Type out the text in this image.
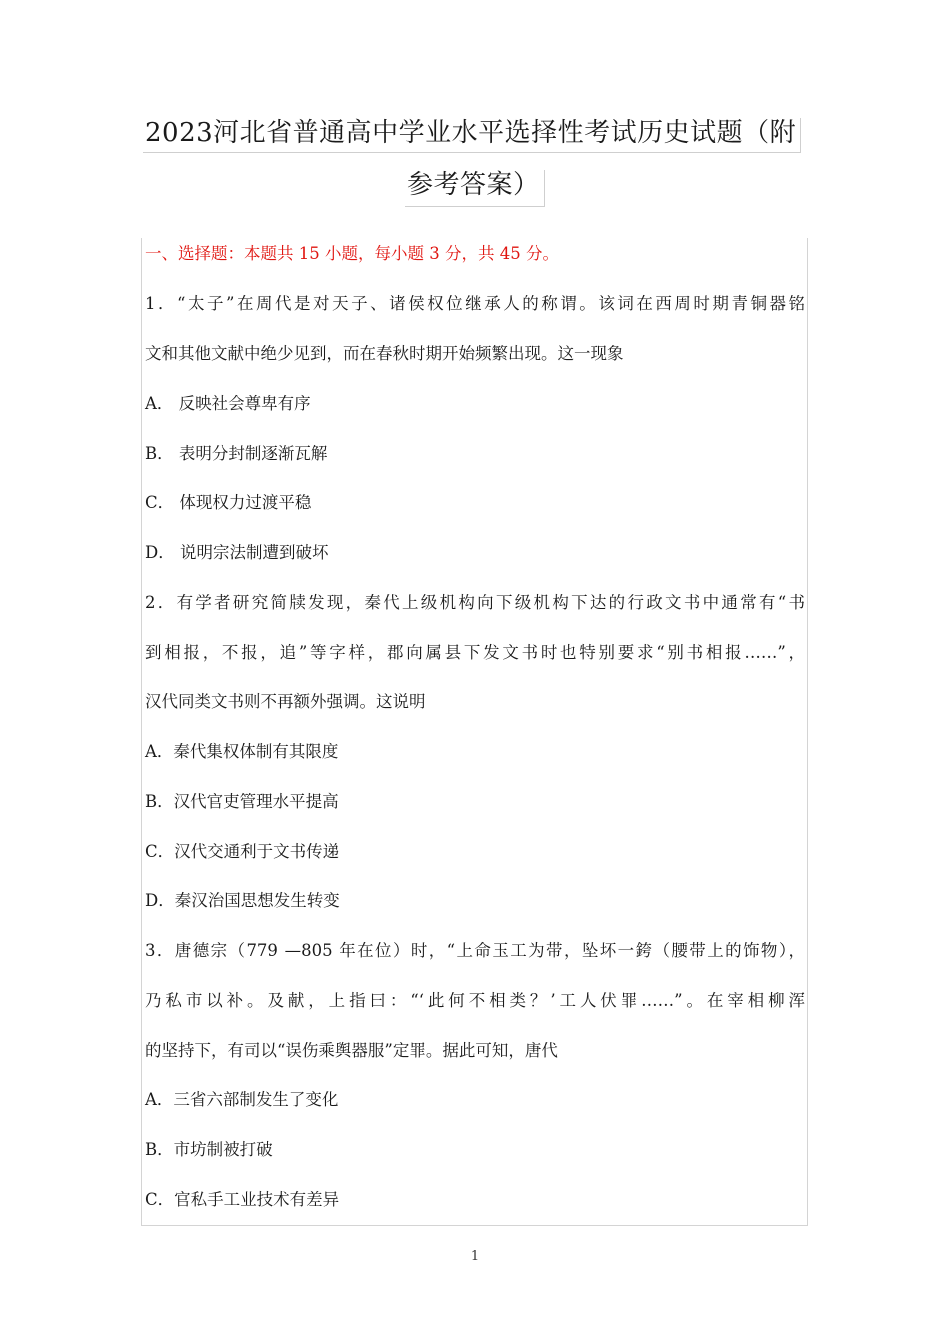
2023河北省普通高中学业水平选择性考试历史试题（附
参考答案）
一、选择题：本题共 15 小题，每小题 3 分，共 45 分。
1．“太子”在周代是对天子、诸侯权位继承人的称谓。该词在西周时期青铜器铭
文和其他文献中绝少见到，而在春秋时期开始频繁出现。这一现象
A． 反映社会尊卑有序
B． 表明分封制逐渐瓦解
C． 体现权力过渡平稳
D． 说明宗法制遭到破坏
2．有学者研究简牍发现，秦代上级机构向下级机构下达的行政文书中通常有“书
到相报，不报，追”等字样，郡向属县下发文书时也特别要求“别书相报……”，
汉代同类文书则不再额外强调。这说明
A．秦代集权体制有其限度
B．汉代官吏管理水平提高
C．汉代交通利于文书传递
D．秦汉治国思想发生转变
3．唐德宗（779 —805 年在位）时，“上命玉工为带，坠坏一銙（腰带上的饰物），
乃私市以补。及献，上指曰：“‘此何不相类？’工人伏罪……”。在宰相柳浑
的坚持下，有司以“误伤乘舆器服”定罪。据此可知，唐代
A．三省六部制发生了变化
B．市坊制被打破
C．官私手工业技术有差异
1
